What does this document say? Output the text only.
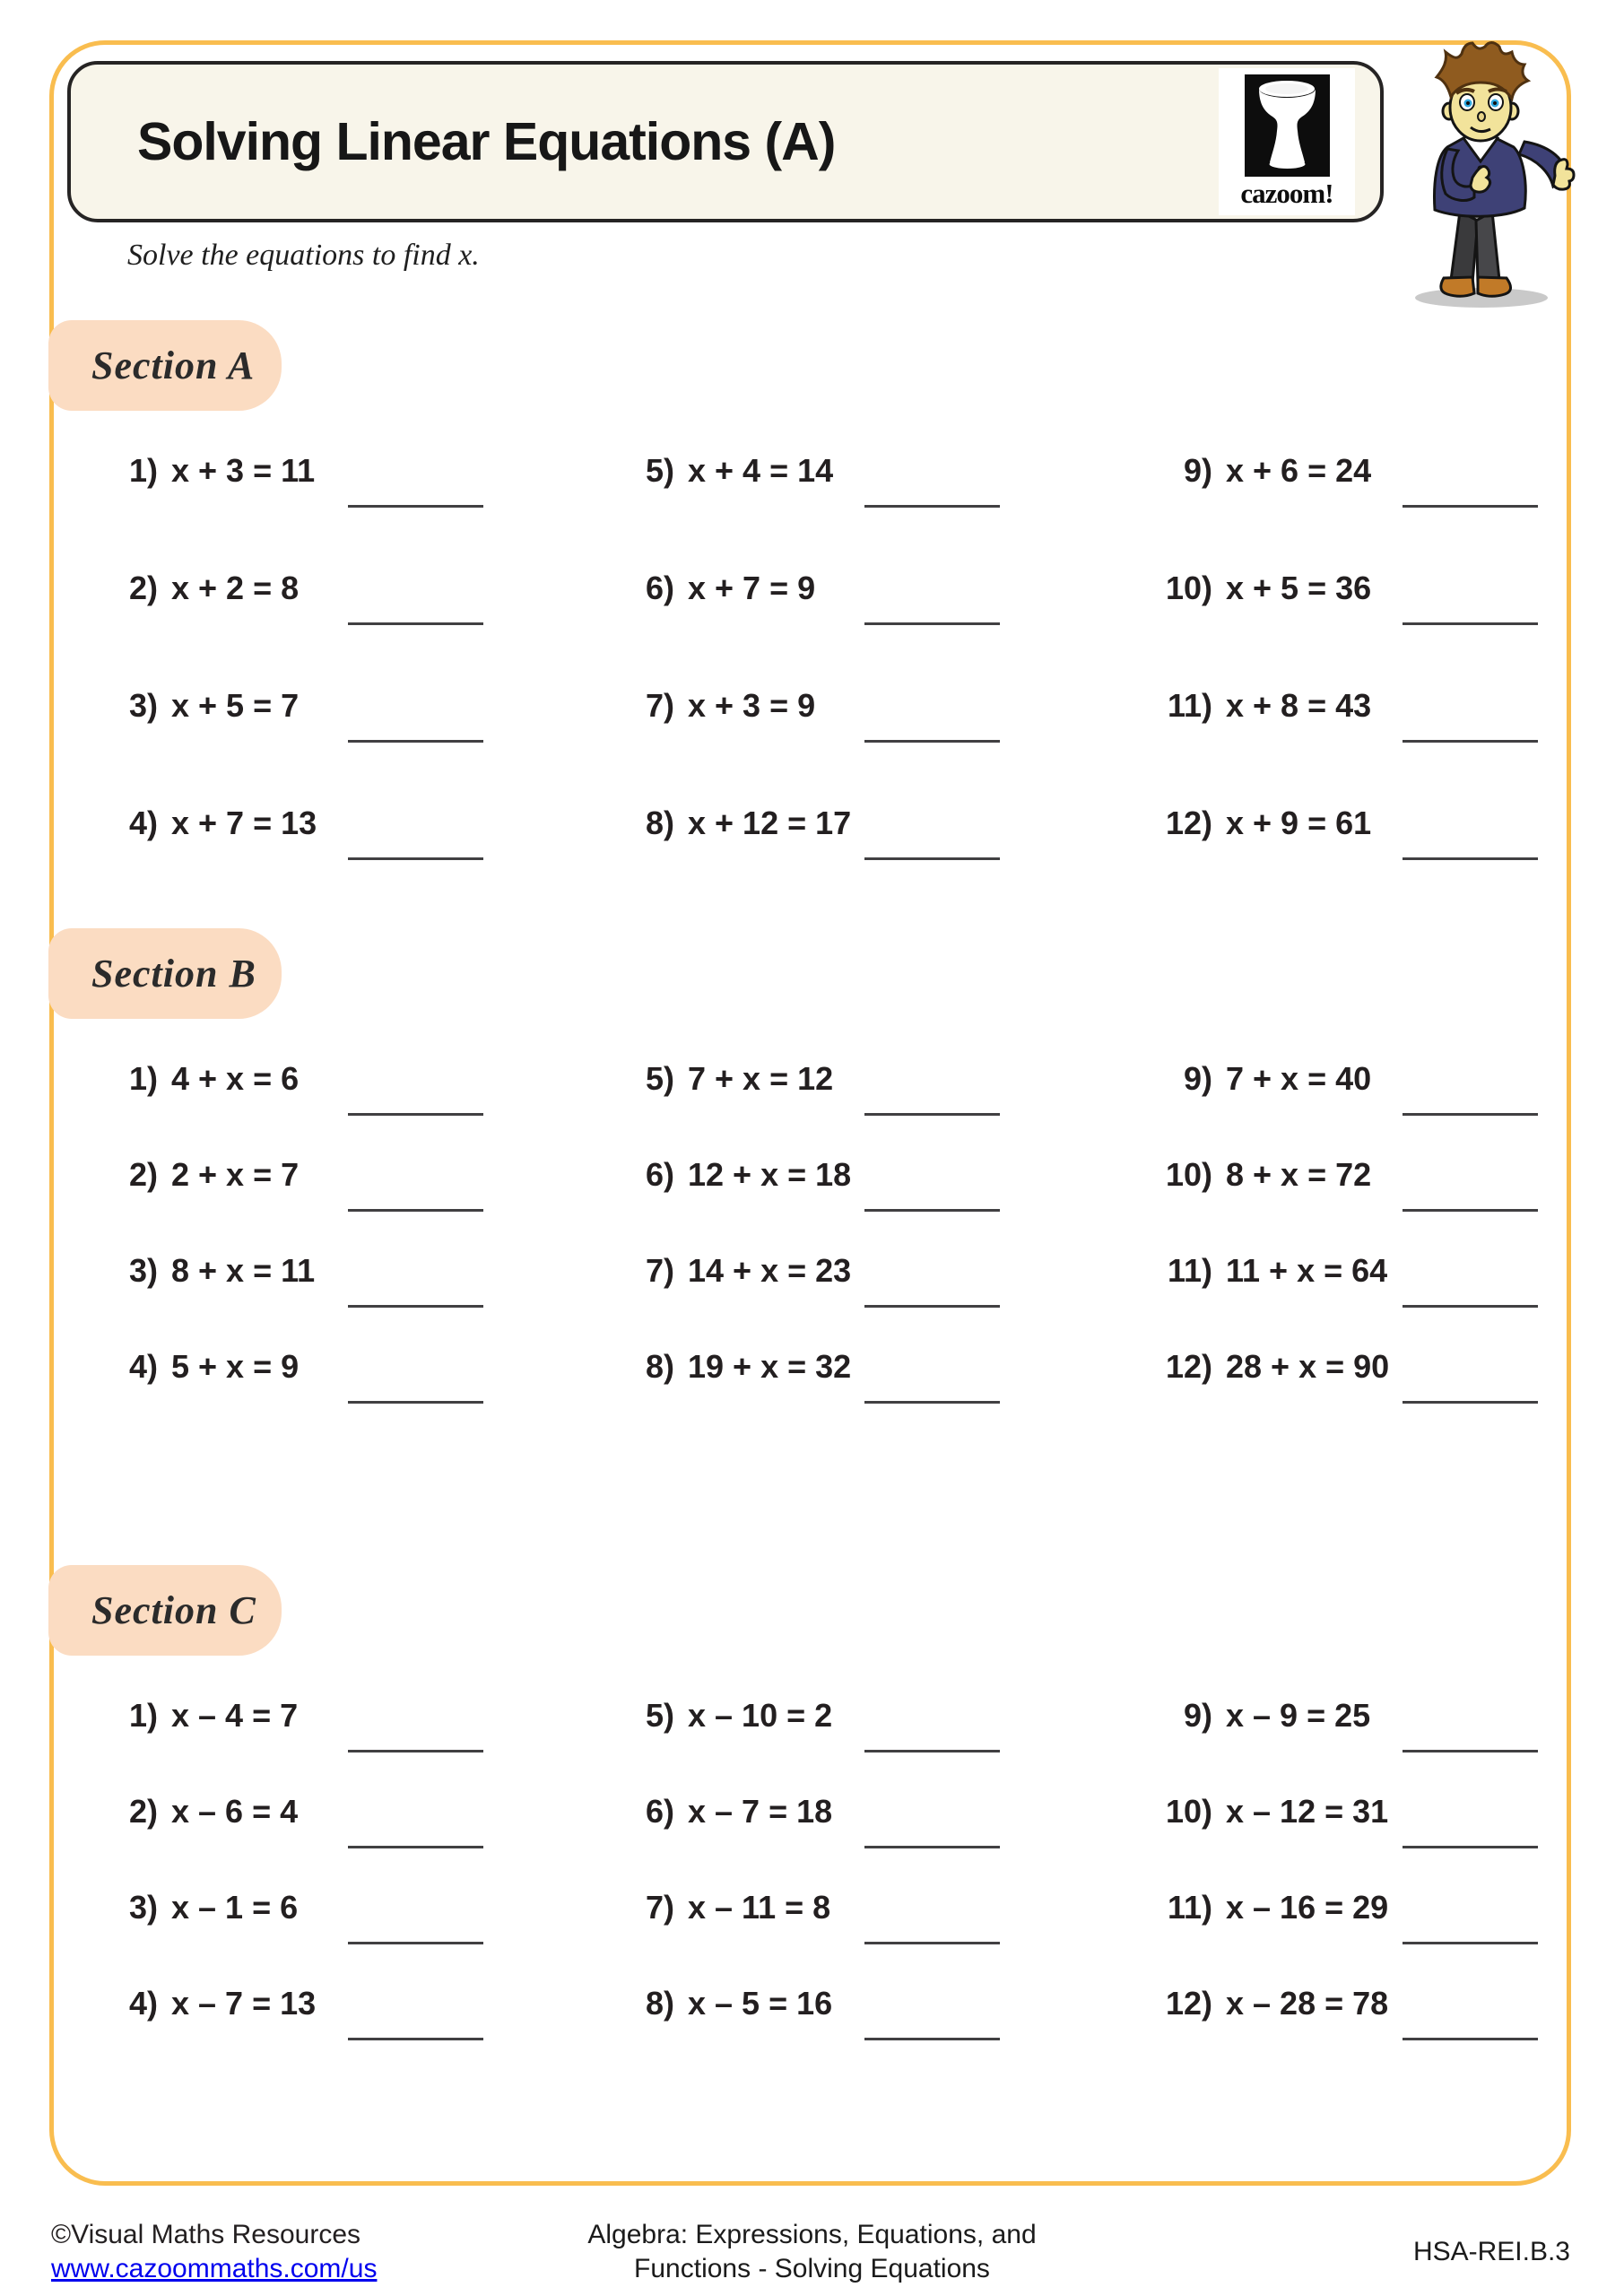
Solving Linear Equations (A)
cazoom!

Solve the equations to find x.

Section A
1) x + 3 = 11
2) x + 2 = 8
3) x + 5 = 7
4) x + 7 = 13
5) x + 4 = 14
6) x + 7 = 9
7) x + 3 = 9
8) x + 12 = 17
9) x + 6 = 24
10) x + 5 = 36
11) x + 8 = 43
12) x + 9 = 61
Section B
1) 4 + x = 6
2) 2 + x = 7
3) 8 + x = 11
4) 5 + x = 9
5) 7 + x = 12
6) 12 + x = 18
7) 14 + x = 23
8) 19 + x = 32
9) 7 + x = 40
10) 8 + x = 72
11) 11 + x = 64
12) 28 + x = 90
Section C
1) x – 4 = 7
2) x – 6 = 4
3) x – 1 = 6
4) x – 7 = 13
5) x – 10 = 2
6) x – 7 = 18
7) x – 11 = 8
8) x – 5 = 16
9) x – 9 = 25
10) x – 12 = 31
11) x – 16 = 29
12) x – 28 = 78
©Visual Maths Resources
www.cazoommaths.com/us
Algebra: Expressions, Equations, and
Functions - Solving Equations
HSA-REI.B.3
